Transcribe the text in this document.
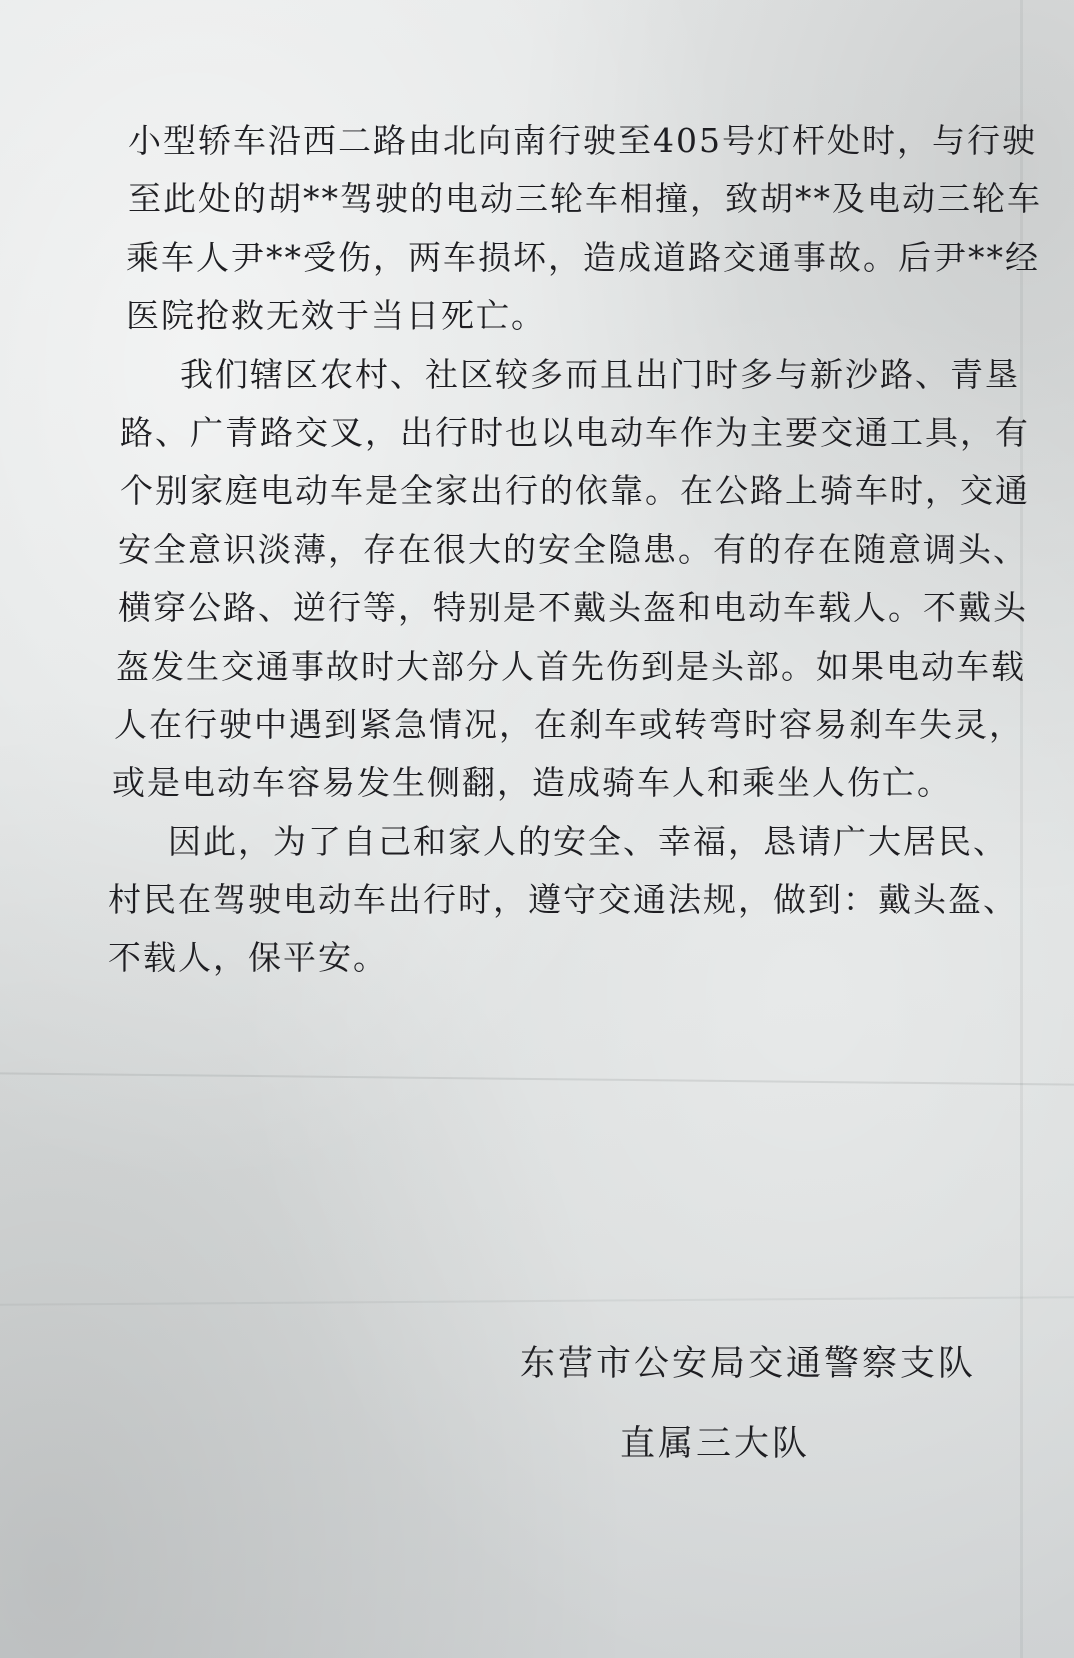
小型轿车沿西二路由北向南行驶至405号灯杆处时，与行驶
至此处的胡**驾驶的电动三轮车相撞，致胡**及电动三轮车
乘车人尹**受伤，两车损坏，造成道路交通事故。后尹**经
医院抢救无效于当日死亡。
我们辖区农村、社区较多而且出门时多与新沙路、青垦
路、广青路交叉，出行时也以电动车作为主要交通工具，有
个别家庭电动车是全家出行的依靠。在公路上骑车时，交通
安全意识淡薄，存在很大的安全隐患。有的存在随意调头、
横穿公路、逆行等，特别是不戴头盔和电动车载人。不戴头
盔发生交通事故时大部分人首先伤到是头部。如果电动车载
人在行驶中遇到紧急情况，在刹车或转弯时容易刹车失灵，
或是电动车容易发生侧翻，造成骑车人和乘坐人伤亡。
因此，为了自己和家人的安全、幸福，恳请广大居民、
村民在驾驶电动车出行时，遵守交通法规，做到：戴头盔、
不载人，保平安。
东营市公安局交通警察支队
直属三大队
